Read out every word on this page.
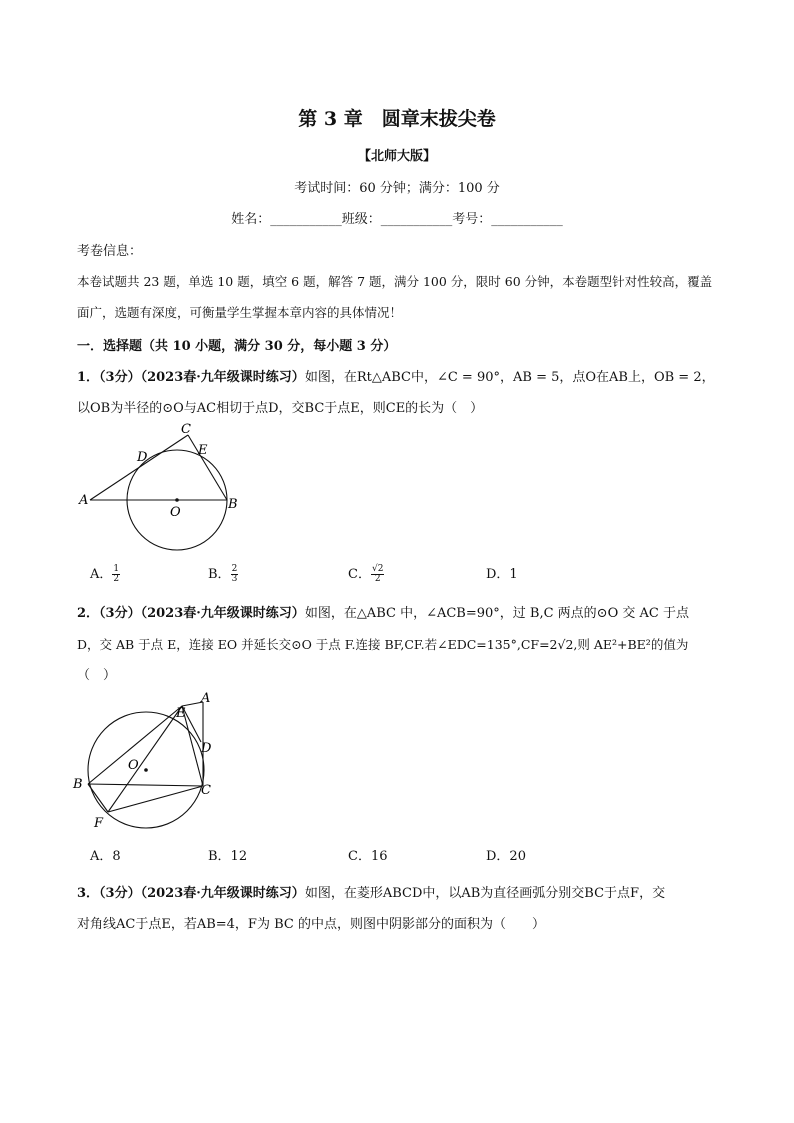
第 3 章　圆章末拔尖卷
【北师大版】
考试时间：60 分钟；满分：100 分
姓名：___________班级：___________考号：___________
考卷信息：
本卷试题共 23 题，单选 10 题，填空 6 题，解答 7 题，满分 100 分，限时 60 分钟，本卷题型针对性较高，覆盖
面广，选题有深度，可衡量学生掌握本章内容的具体情况！
一．选择题（共 10 小题，满分 30 分，每小题 3 分）
1．（3分）（2023春·九年级课时练习）如图，在Rt△ABC中，∠C = 90°，AB = 5，点O在AB上，OB = 2，
以OB为半径的⊙O与AC相切于点D，交BC于点E，则CE的长为（　）
A	B
C
D	E
O
A． $\frac{1}{2}$	B． $\frac{2}{3}$	C． $\frac{√2}{2}$	D．1
2．（3分）（2023春·九年级课时练习）如图，在△ABC 中，∠ACB=90°，过 B,C 两点的⊙O 交 AC 于点
D，交 AB 于点 E，连接 EO 并延长交⊙O 于点 F.连接 BF,CF.若∠EDC=135°,CF=2√2,则 AE²+BE²的值为
（　）
A
B	C
D
E
F
O
A．8	B．12	C．16	D．20
3．（3分）（2023春·九年级课时练习）如图，在菱形ABCD中，以AB为直径画弧分别交BC于点F，交
对角线AC于点E，若AB=4，F为 BC 的中点，则图中阴影部分的面积为（　　）
